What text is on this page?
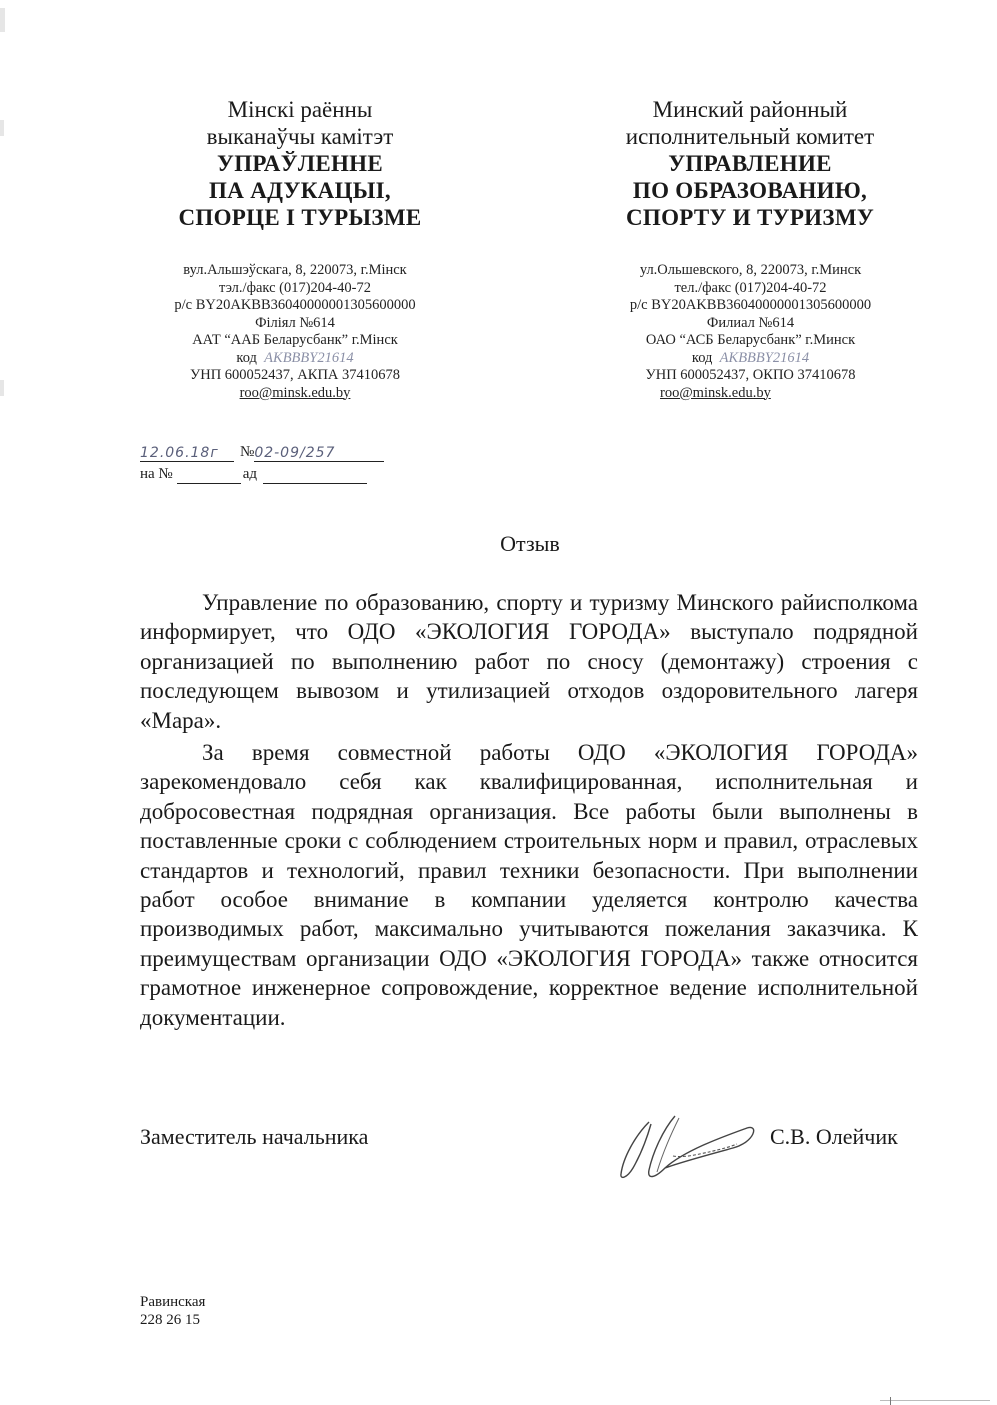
Мінскі раённы
выканаўчы камітэт
УПРАЎЛЕННЕ
ПА АДУКАЦЫІ,
СПОРЦЕ І ТУРЫЗМЕ
Минский районный
исполнительный комитет
УПРАВЛЕНИЕ
ПО ОБРАЗОВАНИЮ,
СПОРТУ И ТУРИЗМУ
вул.Альшэўскага, 8, 220073, г.Мінск
тэл./факс (017)204-40-72
р/с BY20AKBB36040000001305600000
Філіял №614
ААТ “ААБ Беларусбанк” г.Мінск
код AKBBBY21614
УНП 600052437, АКПА 37410678
roo@minsk.edu.by
ул.Ольшевского, 8, 220073, г.Минск
тел./факс (017)204-40-72
р/с BY20AKBB36040000001305600000
Филиал №614
ОАО “АСБ Беларусбанк” г.Минск
код AKBBBY21614
УНП 600052437, ОКПО 37410678
roo@minsk.edu.by
12.06.18г	№ 02-09/257
на №	ад
Отзыв

Управление по образованию, спорту и туризму Минского райисполкома информирует, что ОДО «ЭКОЛОГИЯ ГОРОДА» выступало подрядной организацией по выполнению работ по сносу (демонтажу) строения с последующем вывозом и утилизацией отходов оздоровительного лагеря «Мара».

За время совместной работы ОДО «ЭКОЛОГИЯ ГОРОДА» зарекомендовало себя как квалифицированная, исполнительная и добросовестная подрядная организация. Все работы были выполнены в поставленные сроки с соблюдением строительных норм и правил, отраслевых стандартов и технологий, правил техники безопасности. При выполнении работ особое внимание в компании уделяется контролю качества производимых работ, максимально учитываются пожелания заказчика. К преимуществам организации ОДО «ЭКОЛОГИЯ ГОРОДА» также относится грамотное инженерное сопровождение, корректное ведение исполнительной документации.

Заместитель начальника	С.В. Олейчик
Равинская
228 26 15
